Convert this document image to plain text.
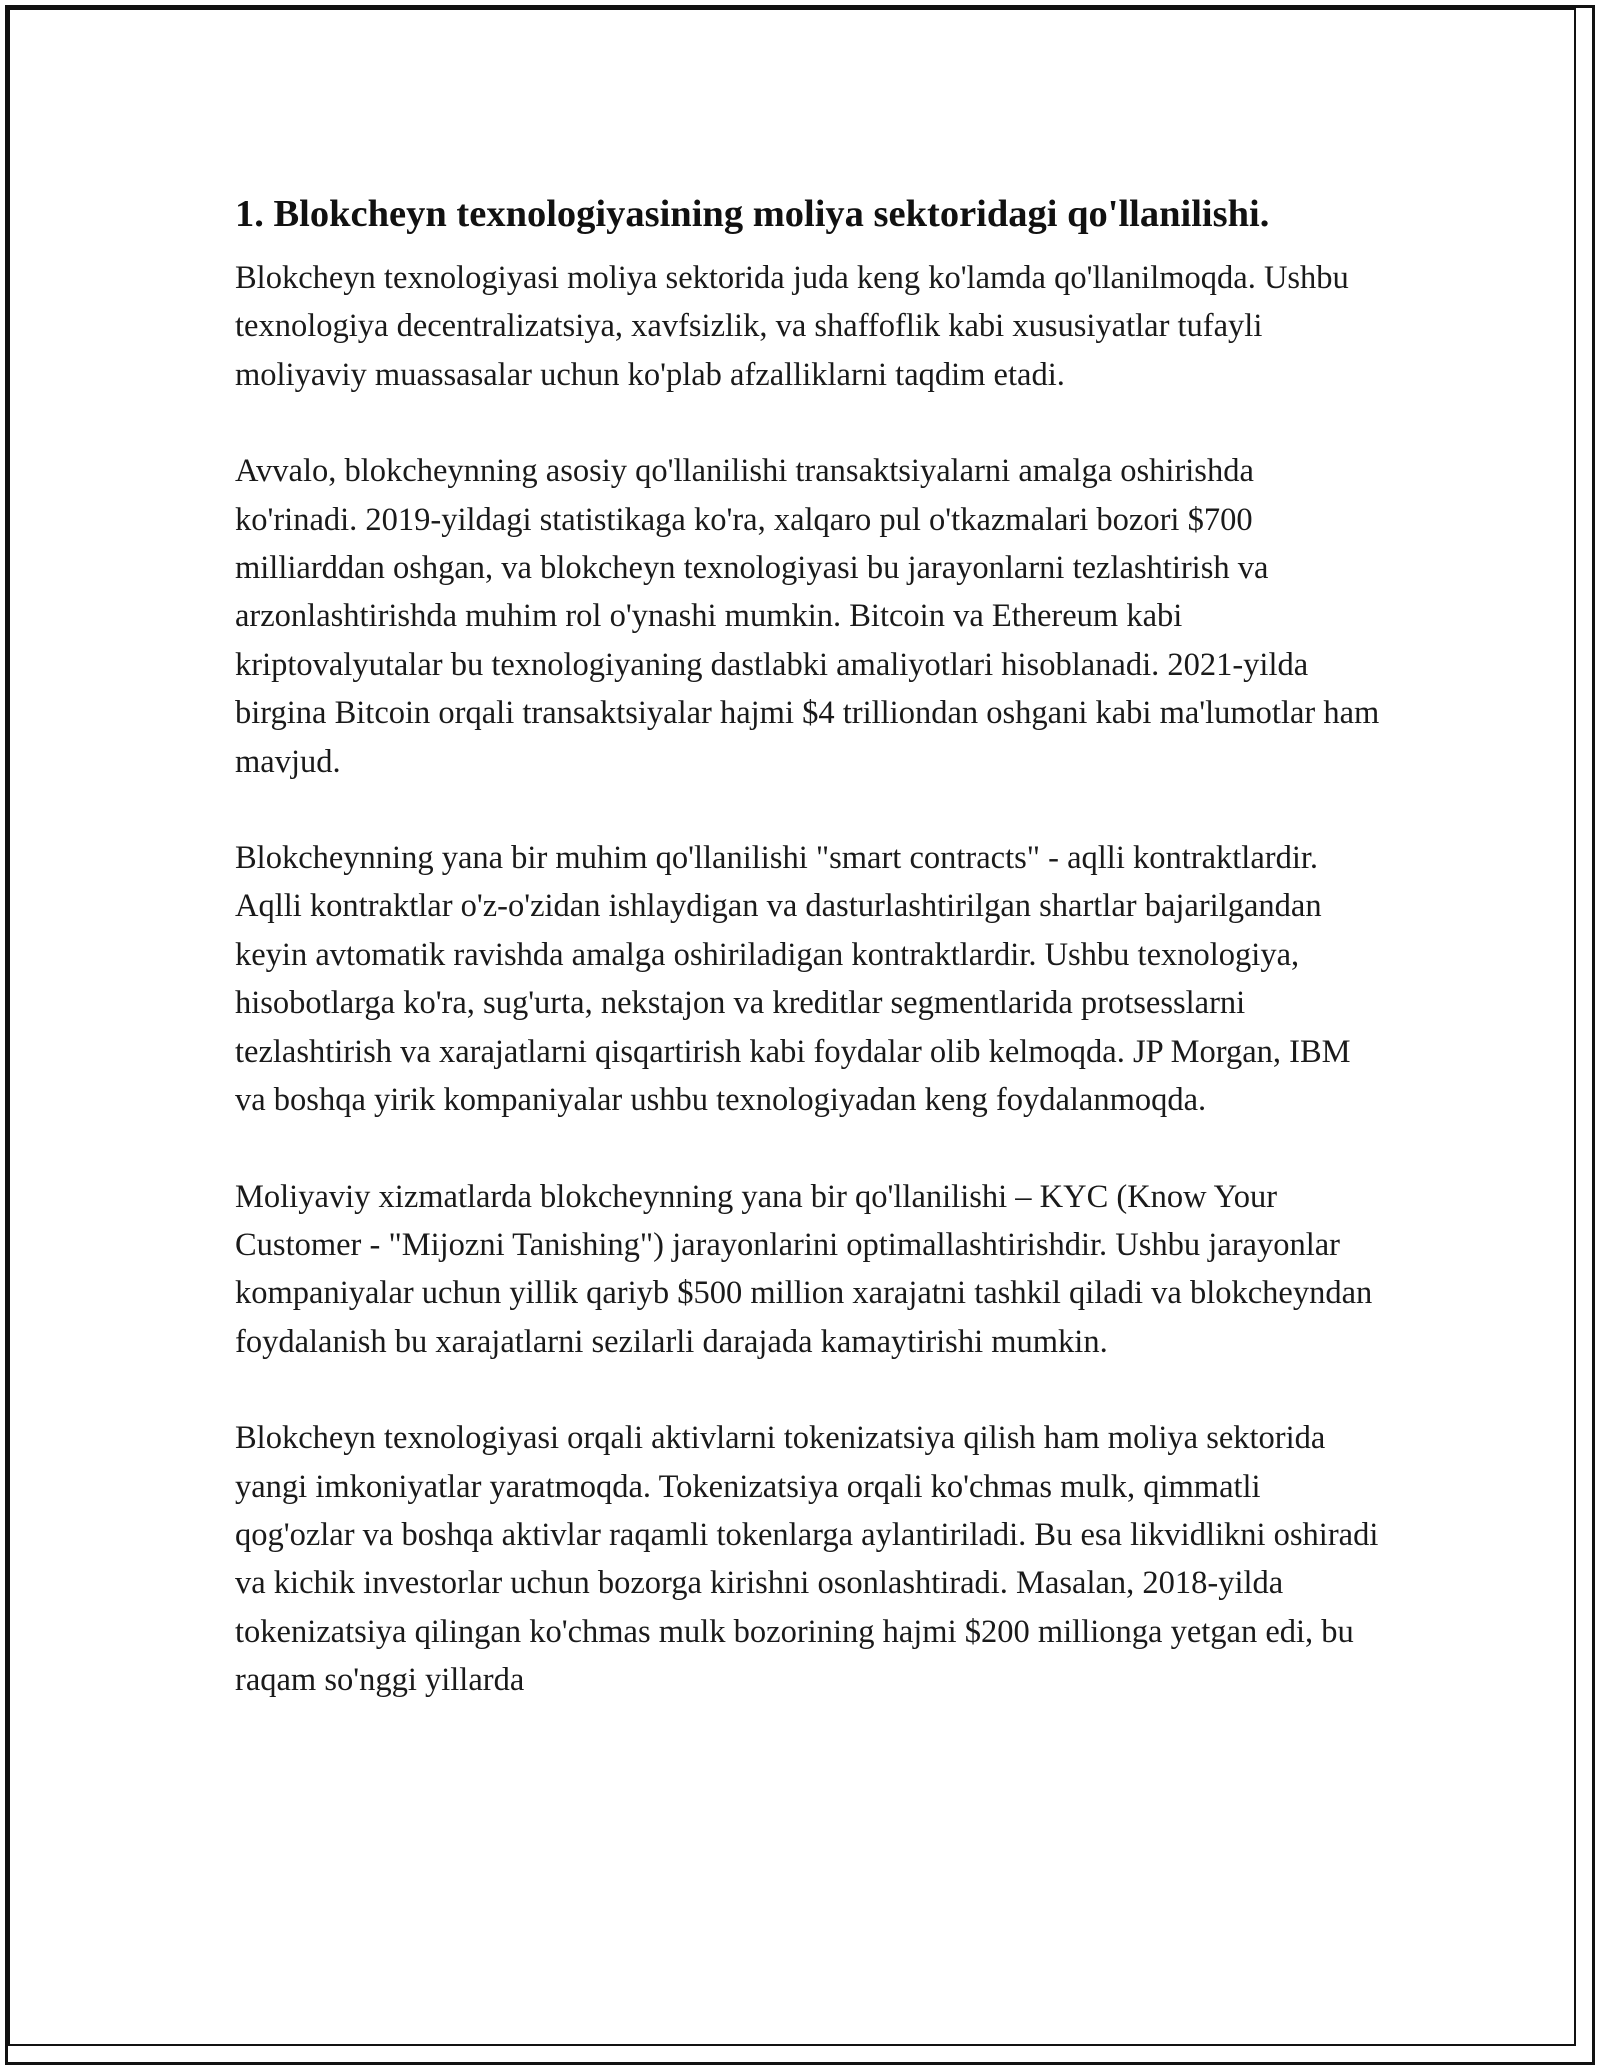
1. Blokcheyn texnologiyasining moliya sektoridagi qo'llanilishi.

Blokcheyn texnologiyasi moliya sektorida juda keng ko'lamda qo'llanilmoqda. Ushbu texnologiya decentralizatsiya, xavfsizlik, va shaffoflik kabi xususiyatlar tufayli moliyaviy muassasalar uchun ko'plab afzalliklarni taqdim etadi.

Avvalo, blokcheynning asosiy qo'llanilishi transaktsiyalarni amalga oshirishda ko'rinadi. 2019-yildagi statistikaga ko'ra, xalqaro pul o'tkazmalari bozori $700 milliarddan oshgan, va blokcheyn texnologiyasi bu jarayonlarni tezlashtirish va arzonlashtirishda muhim rol o'ynashi mumkin. Bitcoin va Ethereum kabi kriptovalyutalar bu texnologiyaning dastlabki amaliyotlari hisoblanadi. 2021-yilda birgina Bitcoin orqali transaktsiyalar hajmi $4 trilliondan oshgani kabi ma'lumotlar ham mavjud.

Blokcheynning yana bir muhim qo'llanilishi "smart contracts" - aqlli kontraktlardir. Aqlli kontraktlar o'z-o'zidan ishlaydigan va dasturlashtirilgan shartlar bajarilgandan keyin avtomatik ravishda amalga oshiriladigan kontraktlardir. Ushbu texnologiya, hisobotlarga ko'ra, sug'urta, nekstajon va kreditlar segmentlarida protsesslarni tezlashtirish va xarajatlarni qisqartirish kabi foydalar olib kelmoqda. JP Morgan, IBM va boshqa yirik kompaniyalar ushbu texnologiyadan keng foydalanmoqda.

Moliyaviy xizmatlarda blokcheynning yana bir qo'llanilishi – KYC (Know Your Customer - "Mijozni Tanishing") jarayonlarini optimallashtirishdir. Ushbu jarayonlar kompaniyalar uchun yillik qariyb $500 million xarajatni tashkil qiladi va blokcheyndan foydalanish bu xarajatlarni sezilarli darajada kamaytirishi mumkin.

Blokcheyn texnologiyasi orqali aktivlarni tokenizatsiya qilish ham moliya sektorida yangi imkoniyatlar yaratmoqda. Tokenizatsiya orqali ko'chmas mulk, qimmatli qog'ozlar va boshqa aktivlar raqamli tokenlarga aylantiriladi. Bu esa likvidlikni oshiradi va kichik investorlar uchun bozorga kirishni osonlashtiradi. Masalan, 2018-yilda tokenizatsiya qilingan ko'chmas mulk bozorining hajmi $200 millionga yetgan edi, bu raqam so'nggi yillarda
